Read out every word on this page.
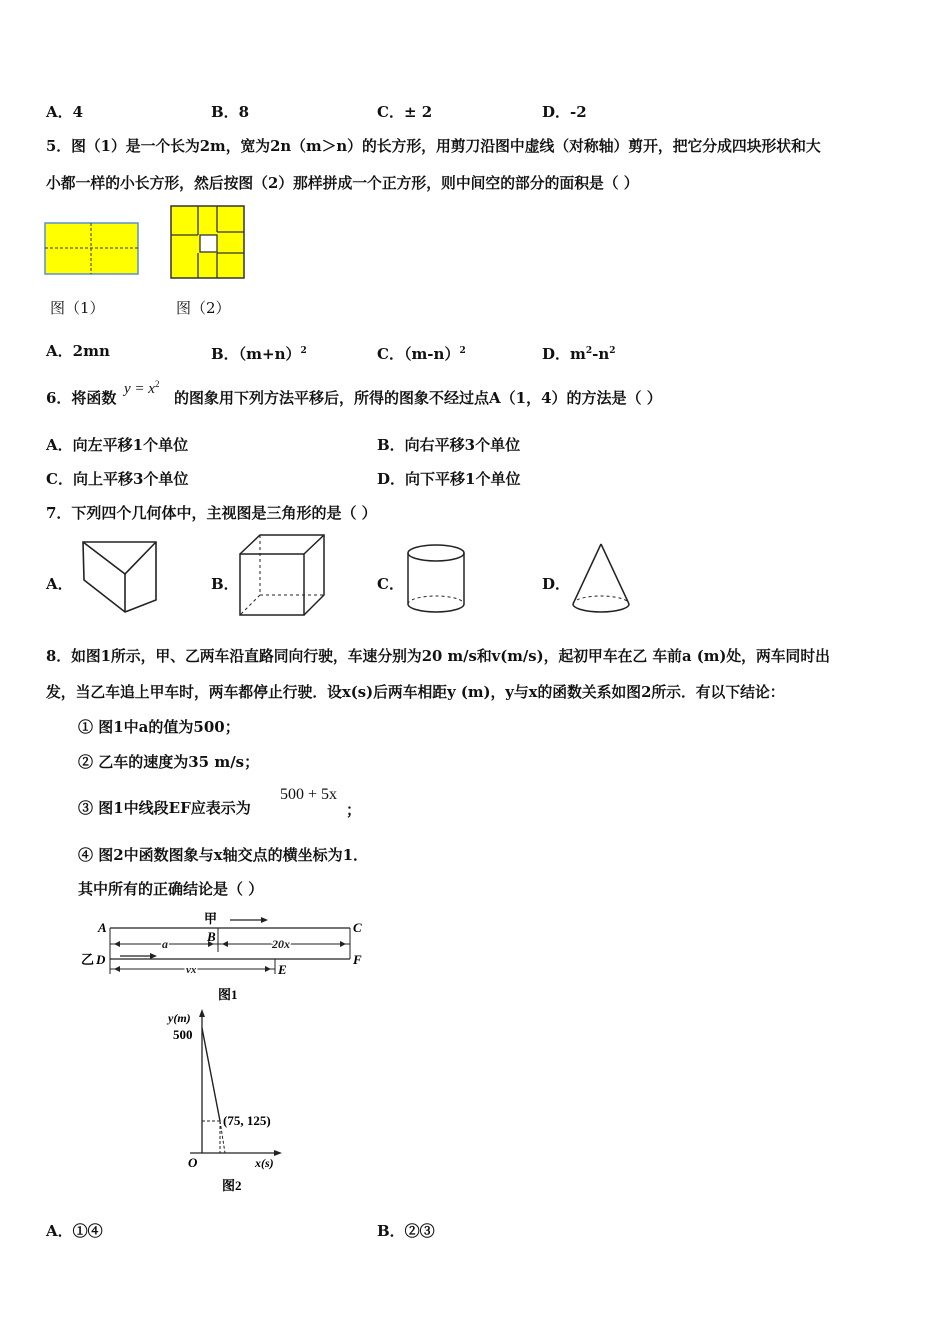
A．4	B．8	C．± 2	D．-2
5．图（1）是一个长为2m，宽为2n（m＞n）的长方形，用剪刀沿图中虚线（对称轴）剪开，把它分成四块形状和大
小都一样的小长方形，然后按图（2）那样拼成一个正方形，则中间空的部分的面积是（ ）
图（1）	图（2）
A．2mn	B．$(m+n)^2$	C．$(m-n)^2$	D．$m^2-n^2$
6．将函数 $y = x^2$
的图象用下列方法平移后，所得的图象不经过点A（1，4）的方法是（ ）
A．向左平移1个单位	B．向右平移3个单位
C．向上平移3个单位	D．向下平移1个单位
7．下列四个几何体中，主视图是三角形的是（ ）
A．	B．	C．	D．
8．如图1所示，甲、乙两车沿直路同向行驶，车速分别为20 m/s和v(m/s)，起初甲车在乙 车前a (m)处，两车同时出
发，当乙车追上甲车时，两车都停止行驶．设x(s)后两车相距y (m)，y与x的函数关系如图2所示．有以下结论：
① 图1中a的值为500；
② 乙车的速度为35 m/s；
③ 图1中线段EF应表示为
500 + 5x
；
④ 图2中函数图象与x轴交点的横坐标为1．
其中所有的正确结论是（ ）
甲
A
B
C
乙 D
E
F
a	20x
vx
图1
y(m)
500
(75, 125)
O	x(s)
图2
A．①④	B．②③
